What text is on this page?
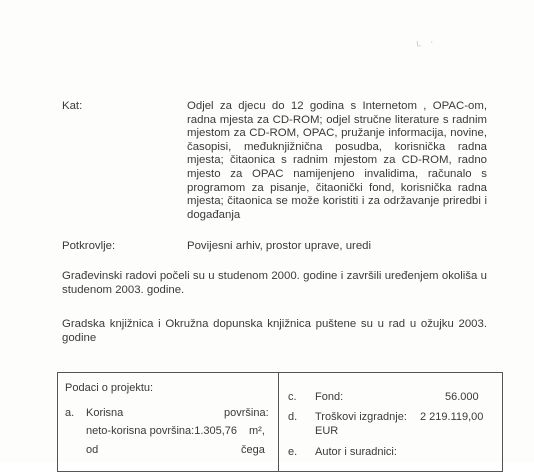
ʟ ·
Kat:	Odjel za djecu do 12 godina s Internetom , OPAC-om, radna mjesta za CD-ROM; odjel stručne literature s radnim mjestom za CD-ROM, OPAC, pružanje informacija, novine, časopisi, međuknjižnična posudba, korisnička radna mjesta; čitaonica s radnim mjestom za CD-ROM, radno mjesto za OPAC namijenjeno invalidima, računalo s programom za pisanje, čitaonički fond, korisnička radna mjesta; čitaonica se može koristiti i za održavanje priredbi i događanja

Potkrovlje:	Povijesni arhiv, prostor uprave, uredi

Građevinski radovi počeli su u studenom 2000. godine i završili uređenjem okoliša u studenom 2003. godine.

Gradska knjižnica i Okružna dopunska knjižnica puštene su u rad u ožujku 2003. godine

Podaci o projektu:
a. Korisna	površina:
neto-korisna površina:1.305,76 m²,
od	čega
c. Fond:	56.000
d. Troškovi izgradnje: 2 219.119,00
EUR
e. Autor i suradnici:
